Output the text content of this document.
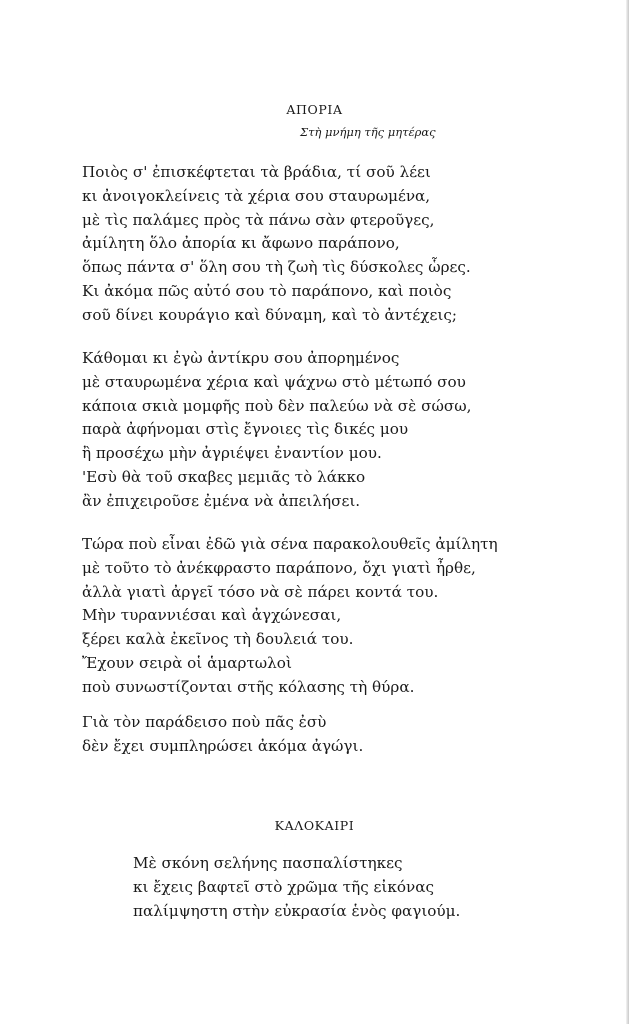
ΑΠΟΡΙΑ
Στὴ μνήμη τῆς μητέρας
Ποιὸς σ' ἐπισκέφτεται τὰ βράδια, τί σοῦ λέει
κι ἀνοιγοκλείνεις τὰ χέρια σου σταυρωμένα,
μὲ τὶς παλάμες πρὸς τὰ πάνω σὰν φτεροῦγες,
ἀμίλητη ὅλο ἀπορία κι ἄφωνο παράπονο,
ὅπως πάντα σ' ὅλη σου τὴ ζωὴ τὶς δύσκολες ὧρες.
Κι ἀκόμα πῶς αὐτό σου τὸ παράπονο, καὶ ποιὸς
σοῦ δίνει κουράγιο καὶ δύναμη, καὶ τὸ ἀντέχεις;
Κάθομαι κι ἐγὼ ἀντίκρυ σου ἀπορημένος
μὲ σταυρωμένα χέρια καὶ ψάχνω στὸ μέτωπό σου
κάποια σκιὰ μομφῆς ποὺ δὲν παλεύω νὰ σὲ σώσω,
παρὰ ἀφήνομαι στὶς ἔγνοιες τὶς δικές μου
ἢ προσέχω μὴν ἀγριέψει ἐναντίον μου.
'Εσὺ θὰ τοῦ σκαβες μεμιᾶς τὸ λάκκο
ἂν ἐπιχειροῦσε ἐμένα νὰ ἀπειλήσει.
Τώρα ποὺ εἶναι ἐδῶ γιὰ σένα παρακολουθεῖς ἀμίλητη
μὲ τοῦτο τὸ ἀνέκφραστο παράπονο, ὄχι γιατὶ ἦρθε,
ἀλλὰ γιατὶ ἀργεῖ τόσο νὰ σὲ πάρει κοντά του.
Μὴν τυραννιέσαι καὶ ἀγχώνεσαι,
ξέρει καλὰ ἐκεῖνος τὴ δουλειά του.
Ἔχουν σειρὰ οἱ ἁμαρτωλοὶ
ποὺ συνωστίζονται στῆς κόλασης τὴ θύρα.
Γιὰ τὸν παράδεισο ποὺ πᾶς ἐσὺ
δὲν ἔχει συμπληρώσει ἀκόμα ἀγώγι.
ΚΑΛΟΚΑΙΡΙ
Μὲ σκόνη σελήνης πασπαλίστηκες
κι ἔχεις βαφτεῖ στὸ χρῶμα τῆς εἰκόνας
παλίμψηστη στὴν εὐκρασία ἑνὸς φαγιούμ.
